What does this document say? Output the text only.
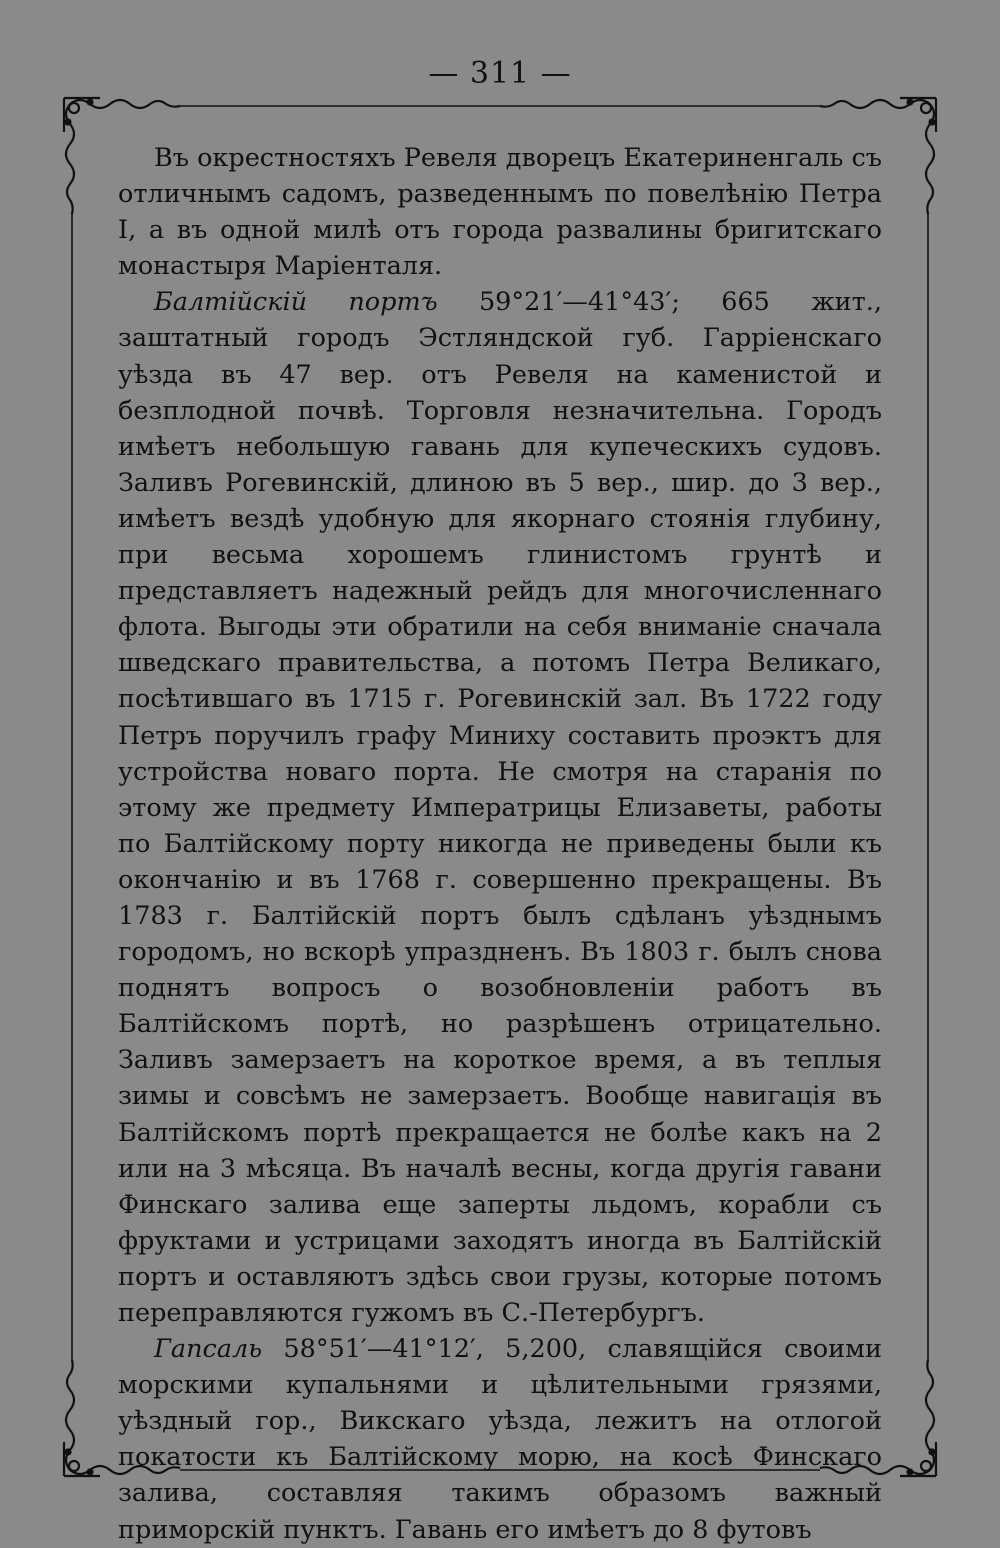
— 311 —

Въ окрестностяхъ Ревеля дворецъ Екатериненгаль съ отличнымъ садомъ, разведеннымъ по повелѣнію Петра I, а въ одной милѣ отъ города развалины бригитскаго монастыря Маріенталя.

Балтійскій портъ 59°21′—41°43′; 665 жит., заштатный городъ Эстляндской губ. Гарріенскаго уѣзда въ 47 вер. отъ Ревеля на каменистой и безплодной почвѣ. Торговля незначительна. Городъ имѣетъ небольшую гавань для купеческихъ судовъ. Заливъ Рогевинскій, длиною въ 5 вер., шир. до 3 вер., имѣетъ вездѣ удобную для якорнаго стоянія глубину, при весьма хорошемъ глинистомъ грунтѣ и представляетъ надежный рейдъ для многочисленнаго флота. Выгоды эти обратили на себя вниманіе сначала шведскаго правительства, а потомъ Петра Великаго, посѣтившаго въ 1715 г. Рогевинскій зал. Въ 1722 году Петръ поручилъ графу Миниху составить проэктъ для устройства новаго порта. Не смотря на старанія по этому же предмету Императрицы Елизаветы, работы по Балтійскому порту никогда не приведены были къ окончанію и въ 1768 г. совершенно прекращены. Въ 1783 г. Балтійскій портъ былъ сдѣланъ уѣзднымъ городомъ, но вскорѣ упраздненъ. Въ 1803 г. былъ снова поднятъ вопросъ о возобновленіи работъ въ Балтійскомъ портѣ, но разрѣшенъ отрицательно. Заливъ замерзаетъ на короткое время, а въ теплыя зимы и совсѣмъ не замерзаетъ. Вообще навигація въ Балтійскомъ портѣ прекращается не болѣе какъ на 2 или на 3 мѣсяца. Въ началѣ весны, когда другія гавани Финскаго залива еще заперты льдомъ, корабли съ фруктами и устрицами заходятъ иногда въ Балтійскій портъ и оставляютъ здѣсь свои грузы, которые потомъ переправляются гужомъ въ С.-Петербургъ.

Гапсаль 58°51′—41°12′, 5,200, славящійся своими морскими купальнями и цѣлительными грязями, уѣздный гор., Викскаго уѣзда, лежитъ на отлогой покатости къ Балтійскому морю, на косѣ Финскаго залива, составляя такимъ образомъ важный приморскій пунктъ. Гавань его имѣетъ до 8 футовъ
